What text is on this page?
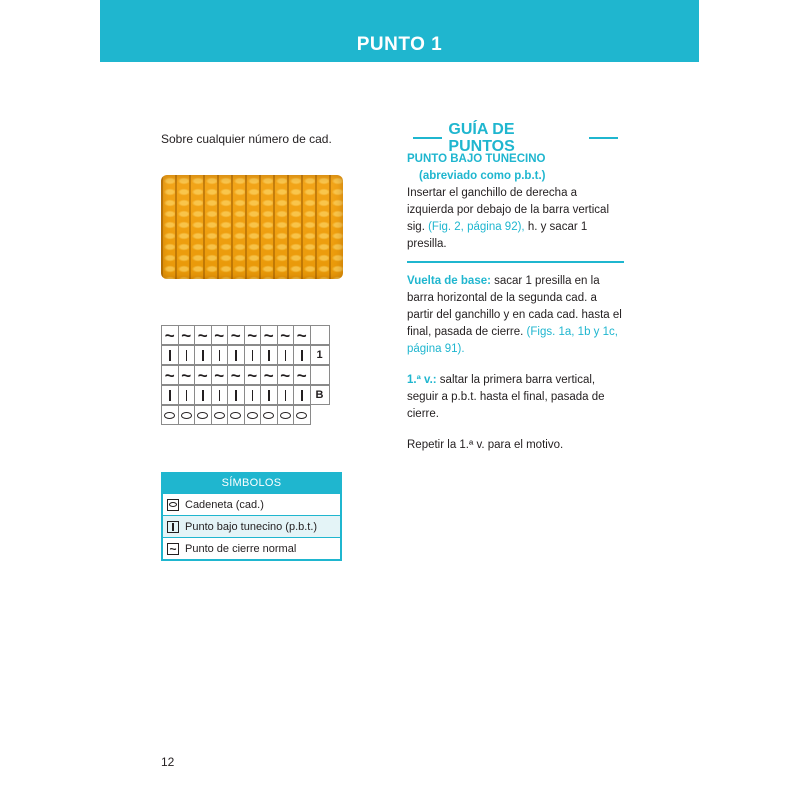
PUNTO 1
Sobre cualquier número de cad.
~ ~ ~ ~ ~ ~ ~ ~ ~
1
~ ~ ~ ~ ~ ~ ~ ~ ~
B
SÍMBOLOS
Cadeneta (cad.)
Punto bajo tunecino (p.b.t.)
~ Punto de cierre normal
GUÍA DE PUNTOS
PUNTO BAJO TUNECINO
(abreviado como p.b.t.)
Insertar el ganchillo de derecha a izquierda por debajo de la barra vertical sig. (Fig. 2, página 92), h. y sacar 1 presilla.
Vuelta de base: sacar 1 presilla en la barra horizontal de la segunda cad. a partir del ganchillo y en cada cad. hasta el final, pasada de cierre. (Figs. 1a, 1b y 1c, página 91).
1.ª v.: saltar la primera barra vertical, seguir a p.b.t. hasta el final, pasada de cierre.
Repetir la 1.ª v. para el motivo.
12
